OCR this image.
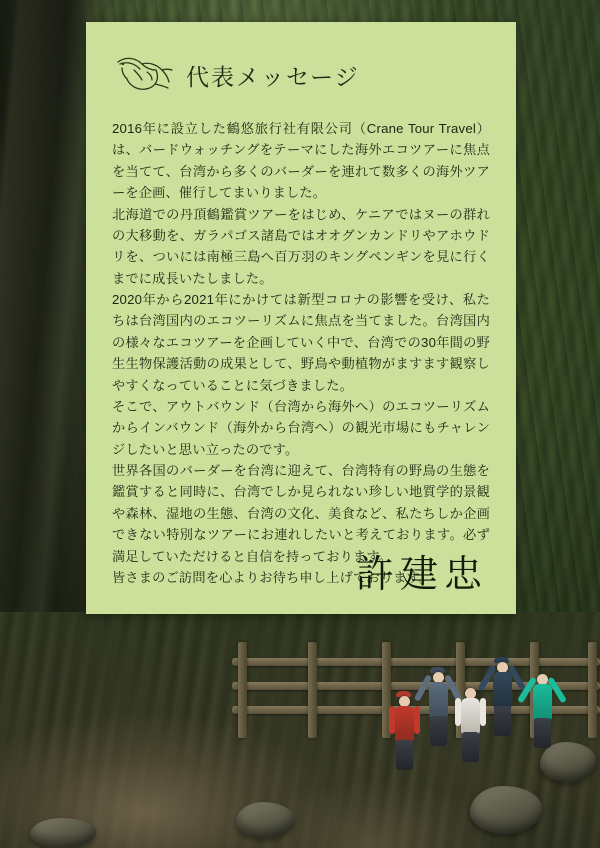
代表メッセージ

2016年に設立した鶴悠旅行社有限公司（Crane Tour Travel）は、バードウォッチングをテーマにした海外エコツアーに焦点を当てて、台湾から多くのバーダーを連れて数多くの海外ツアーを企画、催行してまいりました。

北海道での丹頂鶴鑑賞ツアーをはじめ、ケニアではヌーの群れの大移動を、ガラパゴス諸島ではオオグンカンドリやアホウドリを、ついには南極三島へ百万羽のキングペンギンを見に行くまでに成長いたしました。

2020年から2021年にかけては新型コロナの影響を受け、私たちは台湾国内のエコツーリズムに焦点を当てました。台湾国内の様々なエコツアーを企画していく中で、台湾での30年間の野生生物保護活動の成果として、野鳥や動植物がますます観察しやすくなっていることに気づきました。

そこで、アウトバウンド（台湾から海外へ）のエコツーリズムからインバウンド（海外から台湾へ）の観光市場にもチャレンジしたいと思い立ったのです。

世界各国のバーダーを台湾に迎えて、台湾特有の野鳥の生態を鑑賞すると同時に、台湾でしか見られない珍しい地質学的景観や森林、湿地の生態、台湾の文化、美食など、私たちしか企画できない特別なツアーにお連れしたいと考えております。必ず満足していただけると自信を持っております。

皆さまのご訪問を心よりお待ち申し上げております。

許建忠
